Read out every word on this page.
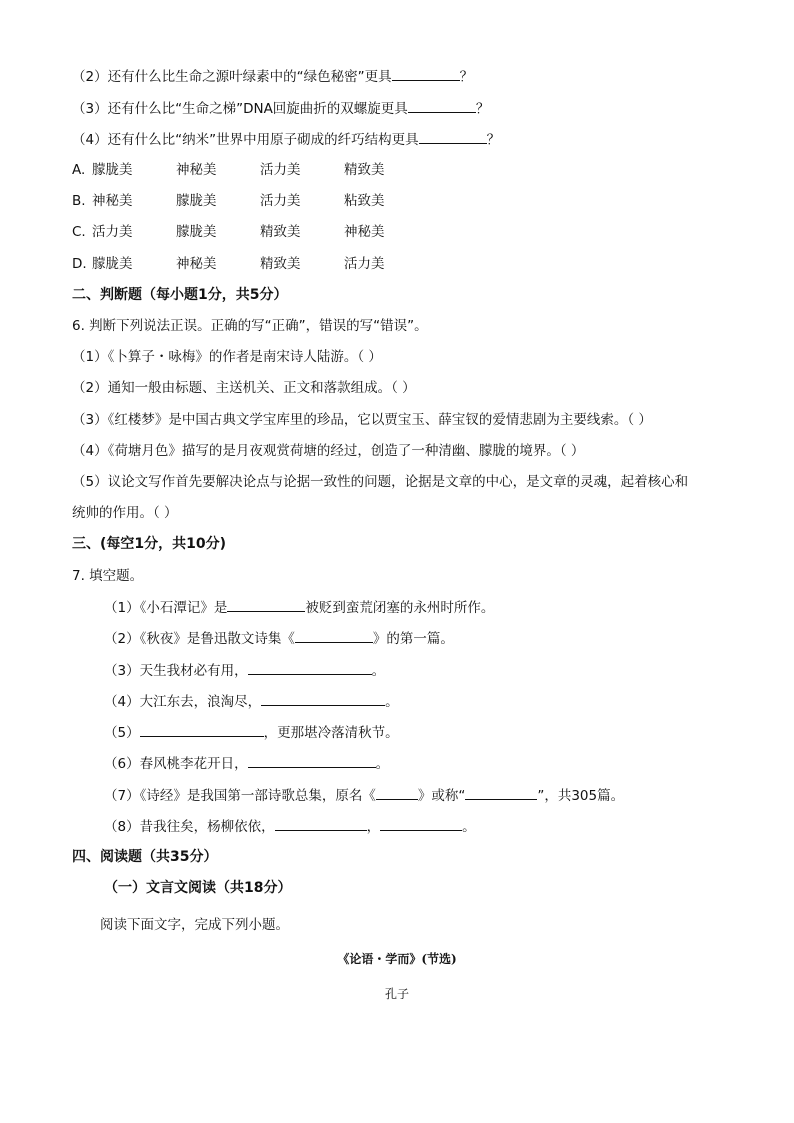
（2）还有什么比生命之源叶绿素中的“绿色秘密”更具	？
（3）还有什么比“生命之梯”DNA回旋曲折的双螺旋更具	？
（4）还有什么比“纳米”世界中用原子砌成的纤巧结构更具	？
A. 朦胧美	神秘美	活力美	精致美
B. 神秘美	朦胧美	活力美	粘致美
C. 活力美	朦胧美	精致美	神秘美
D. 朦胧美	神秘美	精致美	活力美
二、判断题（每小题1分，共5分）
6. 判断下列说法正误。正确的写“正确”，错误的写“错误”。
（1）《卜算子・咏梅》的作者是南宋诗人陆游。（ ）
（2）通知一般由标题、主送机关、正文和落款组成。（ ）
（3）《红楼梦》是中国古典文学宝库里的珍品，它以贾宝玉、薛宝钗的爱情悲剧为主要线索。（ ）
（4）《荷塘月色》描写的是月夜观赏荷塘的经过，创造了一种清幽、朦胧的境界。（ ）
（5）议论文写作首先要解决论点与论据一致性的问题，论据是文章的中心，是文章的灵魂，起着核心和
统帅的作用。（ ）
三、(每空1分，共10分)
7. 填空题。
（1）《小石潭记》是	被贬到蛮荒闭塞的永州时所作。
（2）《秋夜》是鲁迅散文诗集《	》的第一篇。
（3）天生我材必有用，	。
（4）大江东去，浪淘尽，	。
（5）	，更那堪冷落清秋节。
（6）春风桃李花开日，	。
（7）《诗经》是我国第一部诗歌总集，原名《	》或称“	”，共305篇。
（8）昔我往矣，杨柳依依，	，	。
四、阅读题（共35分）
（一）文言文阅读（共18分）
阅读下面文字，完成下列小题。
《论语・学而》(节选)
孔子
